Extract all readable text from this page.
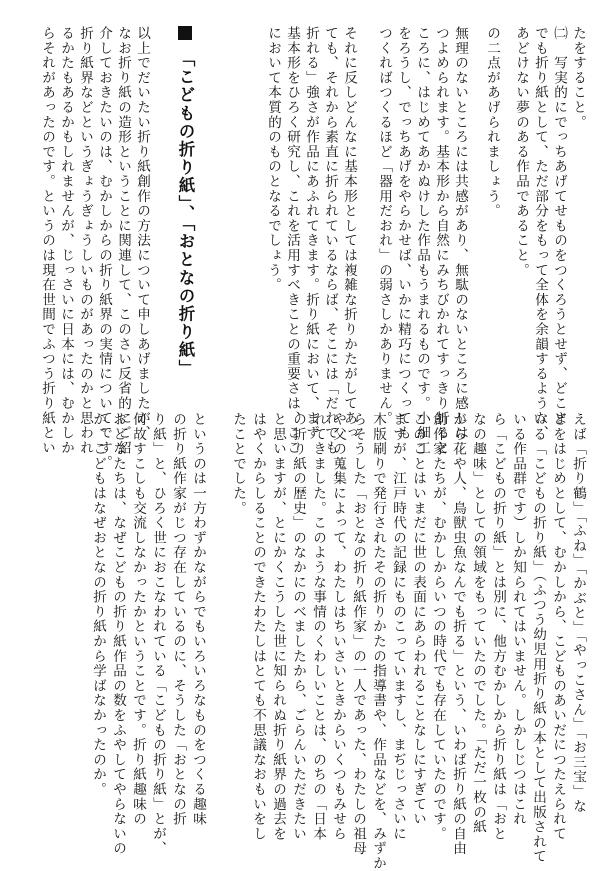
たをすること。
㈡　写実的にでっちあげてせものをつくろうとせず、どこま
でも折り紙として、ただ部分をもって全体を余韻するような、
あどけない夢のある作品であること。
の二点があげられましょう。
無理のないところには共感があり、無駄のないところに感じは
つよめられます。基本形から自然にみちびかれてすっきり折ると
ころに、はじめてあかぬけした作品もうまれるものです。小細工
をろうし、でっちあげをやらかせば、いかに精巧につくっても
つくればつくるほど「器用だおれ」の弱さしかありません。
それに反しどんなに基本形としては複雑な折りかたがしてあっ
ても、それから素直に折られているならば、そこには「だれでも
折れる」強さが作品にあふれてきます。折り紙において、まず
基本形をひろく研究し、これを活用すべきことの重要さは、ここ
において本質的のものとなるでしょう。
「こどもの折り紙」、「おとなの折り紙」
以上でだいたい折り紙創作の方法について申しあげましたが、
なお折り紙の造形ということに関連して、このさい反省的にご紹
介しておきたいのは、むかしからの折り紙界の実情についてです。
折り紙界などというぎょうぎょうしいものがあったのかと思われ
るかたもあるかもしれませんが、じっさいに日本には、むかしか
らそれがあったのです。というのは現在世間でふつう折り紙とい
えば「折り鶴」「ふね」「かぶと」「やっこさん」「お三宝」な
どをはじめとして、むかしから、こどものあいだにつたえられて
いる「こどもの折り紙」（ふつう幼児用折り紙の本として出版されて
いる作品群です）しか知られてはいません。しかしじつはこれ
ら「こどもの折り紙」とは別に、他方むかしから折り紙は「おと
なの趣味」としての領域をもっていたのでした。「ただ一枚の紙
から花や人、鳥獣虫魚なんでも折る」という、いわば折り紙の自由
創作家たちが、むかしからいつの時代でも存在していたのです。
このことはいまだに世の表面にあらわれることなしにすぎてい
ますが、江戸時代の記録にものこっていますし、まぢじっさいに
木版刷りで発行されたその折りかたの指導書や、作品などを、みずか
らそうした「おとなの折り紙作家」の一人であった、わたしの祖母
や父の蒐集によって、わたしはちいさいときからいくつもみせら
れてきました。このような事情のくわしいことは、のちの「日本
の折り紙の歴史」のなかにのべましたから、ごらんいただきたい
と思いますが、とにかくこうした世に知られぬ折り紙界の過去を
はやくからしることのできたわたしはとても不思議なおもいをし
たことでした。
というのは一方わずかながらでもいろいろなものをつくる趣味
の折り紙作家がじつ存在しているのに、そうした「おとなの折
り紙」と、ひろく世におこなわれている「こどもの折り紙」とが、
何故すこしも交流しなかったかということです。折り紙趣味の
おとなたちは、なぜこどもの折り紙作品の数をふやしてやらないの
か。こどもはなぜおとなの折り紙から学ばなかったのか。
